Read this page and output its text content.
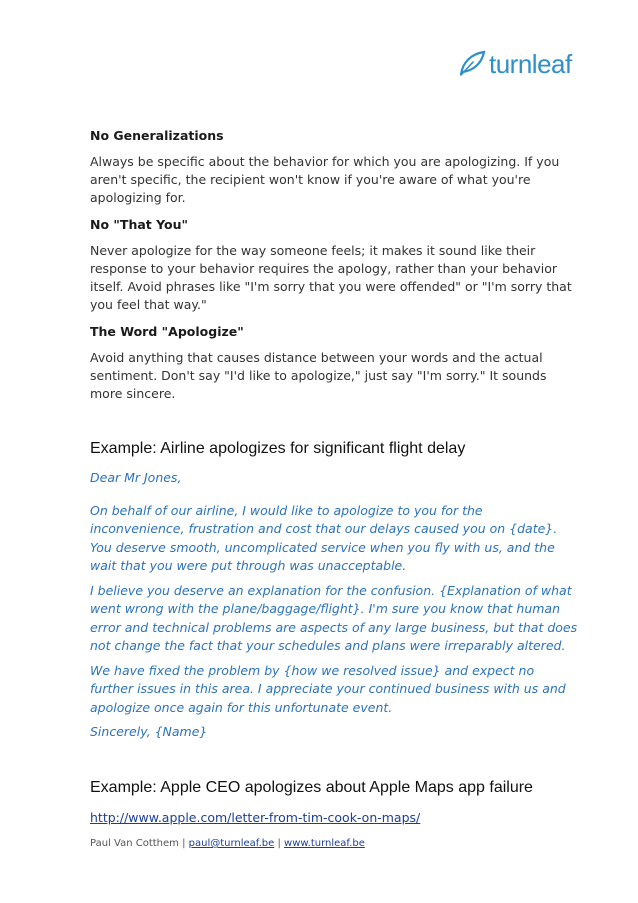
turnleaf

No Generalizations

Always be specific about the behavior for which you are apologizing. If you aren't specific, the recipient won't know if you're aware of what you're apologizing for.

No "That You"

Never apologize for the way someone feels; it makes it sound like their response to your behavior requires the apology, rather than your behavior itself. Avoid phrases like "I'm sorry that you were offended" or "I'm sorry that you feel that way."

The Word "Apologize"

Avoid anything that causes distance between your words and the actual sentiment. Don't say "I'd like to apologize," just say "I'm sorry." It sounds more sincere.

Example: Airline apologizes for significant flight delay

Dear Mr Jones,

On behalf of our airline, I would like to apologize to you for the inconvenience, frustration and cost that our delays caused you on {date}. You deserve smooth, uncomplicated service when you fly with us, and the wait that you were put through was unacceptable.

I believe you deserve an explanation for the confusion. {Explanation of what went wrong with the plane/baggage/flight}. I'm sure you know that human error and technical problems are aspects of any large business, but that does not change the fact that your schedules and plans were irreparably altered.

We have fixed the problem by {how we resolved issue} and expect no further issues in this area. I appreciate your continued business with us and apologize once again for this unfortunate event.

Sincerely, {Name}

Example: Apple CEO apologizes about Apple Maps app failure

http://www.apple.com/letter-from-tim-cook-on-maps/
Paul Van Cotthem | paul@turnleaf.be | www.turnleaf.be
